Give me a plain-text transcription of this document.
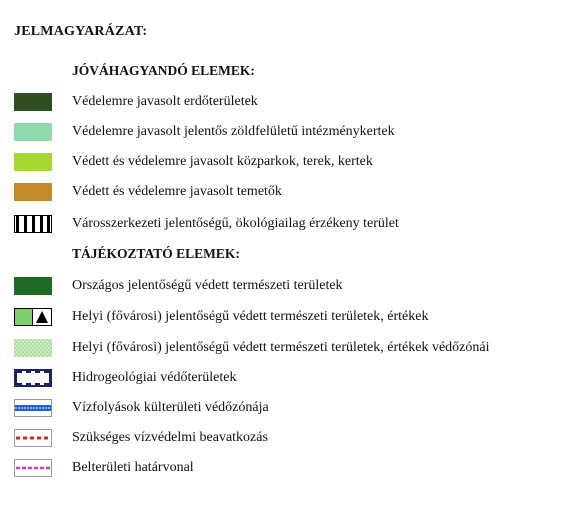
JELMAGYARÁZAT:
JÓVÁHAGYANDÓ ELEMEK:
Védelemre javasolt erdőterületek
Védelemre javasolt jelentős zöldfelületű intézménykertek
Védett és védelemre javasolt közparkok, terek, kertek
Védett és védelemre javasolt temetők
Városszerkezeti jelentőségű, ökológiailag érzékeny terület
TÁJÉKOZTATÓ ELEMEK:
Országos jelentőségű védett természeti területek
Helyi (fővárosi) jelentőségű védett természeti területek, értékek
Helyi (fővárosi) jelentőségű védett természeti területek, értékek védőzónái
Hidrogeológiai védőterületek
Vízfolyások külterületi védőzónája
Szükséges vízvédelmi beavatkozás
Belterületi határvonal
